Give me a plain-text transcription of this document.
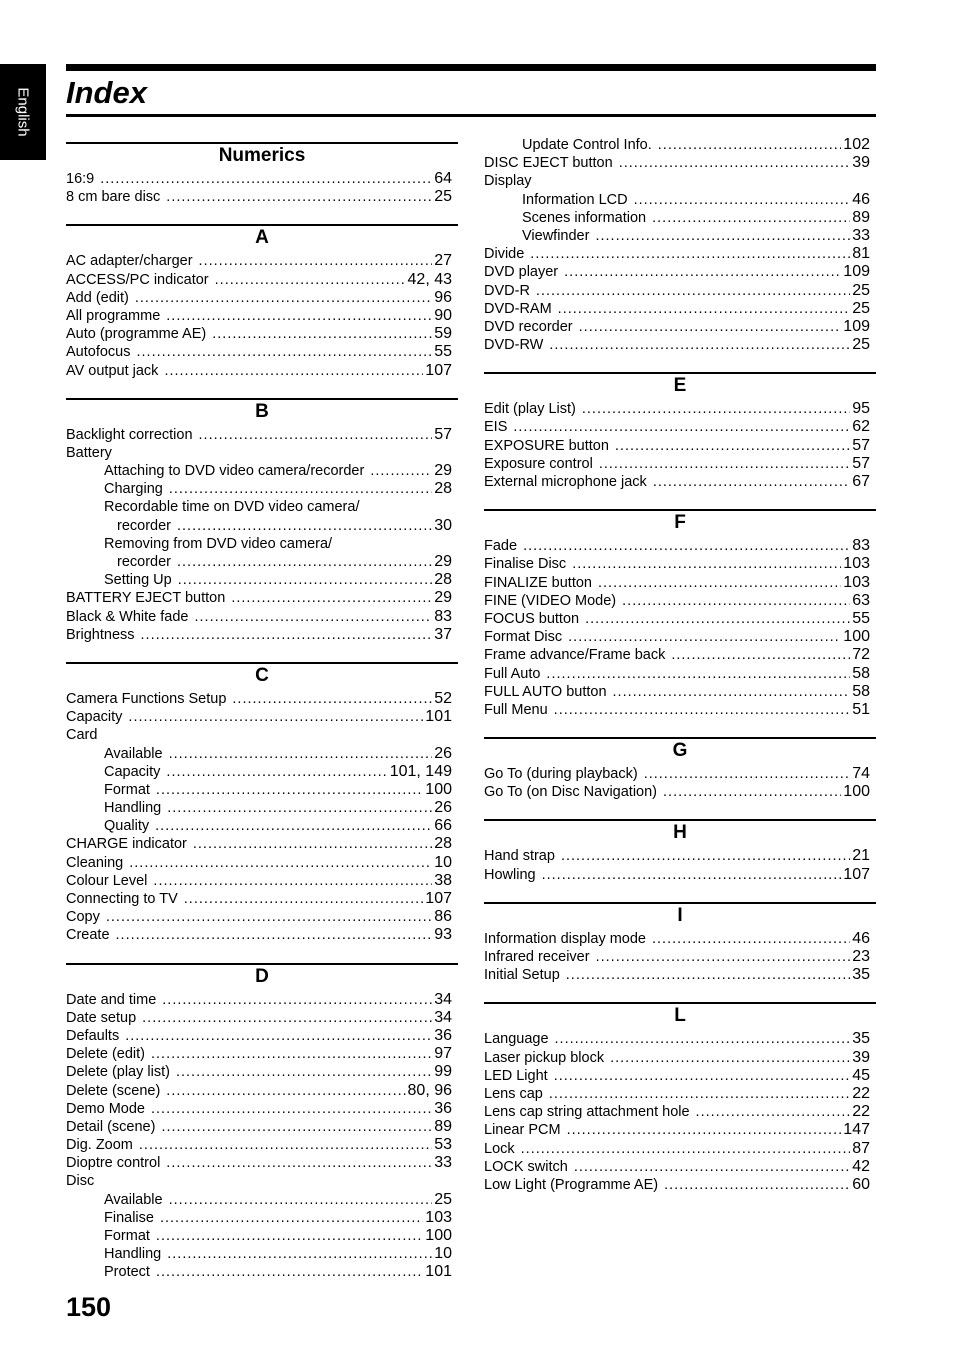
English Index
Numerics
16:9 .....	64
8 cm bare disc .....	25
A
AC adapter/charger .....	27
ACCESS/PC indicator .....	42, 43
Add (edit) .....	96
All programme .....	90
Auto (programme AE) .....	59
Autofocus .....	55
AV output jack .....	107
B
Backlight correction .....	57
Battery
Attaching to DVD video camera/recorder .....	29
Charging .....	28
Recordable time on DVD video camera/
recorder .....	30
Removing from DVD video camera/
recorder .....	29
Setting Up .....	28
BATTERY EJECT button .....	29
Black & White fade .....	83
Brightness .....	37
C
Camera Functions Setup .....	52
Capacity .....	101
Card
Available .....	26
Capacity .....	101, 149
Format .....	100
Handling .....	26
Quality .....	66
CHARGE indicator .....	28
Cleaning .....	10
Colour Level .....	38
Connecting to TV .....	107
Copy .....	86
Create .....	93
D
Date and time .....	34
Date setup .....	34
Defaults .....	36
Delete (edit) .....	97
Delete (play list) .....	99
Delete (scene) .....	80, 96
Demo Mode .....	36
Detail (scene) .....	89
Dig. Zoom .....	53
Dioptre control .....	33
Disc
Available .....	25
Finalise .....	103
Format .....	100
Handling .....	10
Protect .....	101
Update Control Info. .....	102
DISC EJECT button .....	39
Display
Information LCD .....	46
Scenes information .....	89
Viewfinder .....	33
Divide .....	81
DVD player .....	109
DVD-R .....	25
DVD-RAM .....	25
DVD recorder .....	109
DVD-RW .....	25
E
Edit (play List) .....	95
EIS .....	62
EXPOSURE button .....	57
Exposure control .....	57
External microphone jack .....	67
F
Fade .....	83
Finalise Disc .....	103
FINALIZE button .....	103
FINE (VIDEO Mode) .....	63
FOCUS button .....	55
Format Disc .....	100
Frame advance/Frame back .....	72
Full Auto .....	58
FULL AUTO button .....	58
Full Menu .....	51
G
Go To (during playback) .....	74
Go To (on Disc Navigation) .....	100
H
Hand strap .....	21
Howling .....	107
I
Information display mode .....	46
Infrared receiver .....	23
Initial Setup .....	35
L
Language .....	35
Laser pickup block .....	39
LED Light .....	45
Lens cap .....	22
Lens cap string attachment hole .....	22
Linear PCM .....	147
Lock .....	87
LOCK switch .....	42
Low Light (Programme AE) .....	60
150
